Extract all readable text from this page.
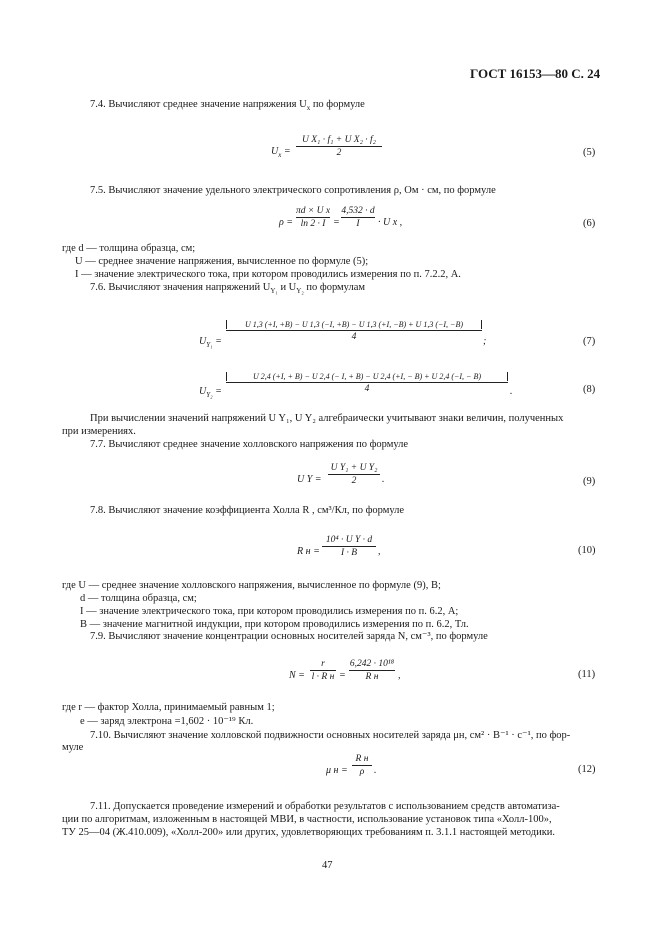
ГОСТ 16153—80 С. 24
7.4. Вычисляют среднее значение напряжения $U_x$ по формуле
$U_x$ =
U X₁ · f₁ + U X₂ · f₂
2	(5)
7.5. Вычисляют значение удельного электрического сопротивления ρ, Ом · см, по формуле
ρ =
πd × U x
ln 2 · I =
4,532 · d
I	· U x ,	(6)
где d — толщина образца, см;
U — среднее значение напряжения, вычисленное по формуле (5);
I — значение электрического тока, при котором проводились измерения по п. 7.2.2, А.
7.6. Вычисляют значения напряжений $U_{Y_1}$ и $U_{Y_2}$ по формулам
$U_{Y_1}$ =
U 1,3 (+I, +B) − U 1,3 (−I, +B) − U 1,3 (+I, −B) + U 1,3 (−I, −B)
4	;	(7)
$U_{Y_2}$ =
U 2,4 (+I, + B) − U 2,4 (− I, + B) − U 2,4 (+I, − B) + U 2,4 (−I, − B)
4	.	(8)
При вычислении значений напряжений U Y₁, U Y₂ алгебраически учитывают знаки величин, полученных
при измерениях.
7.7. Вычисляют среднее значение холловского напряжения по формуле
U Y =
U Y₁ + U Y₂
2	.	(9)
7.8. Вычисляют значение коэффициента Холла R , см³/Кл, по формуле
R н =
10⁴ · U Y · d
I · B	,	(10)
где U — среднее значение холловского напряжения, вычисленное по формуле (9), В;
d — толщина образца, см;
I — значение электрического тока, при котором проводились измерения по п. 6.2, А;
B — значение магнитной индукции, при котором проводились измерения по п. 6.2, Тл.
7.9. Вычисляют значение концентрации основных носителей заряда N, см⁻³, по формуле
N =
r
l · R н =
6,242 · 10¹⁸
R н	,	(11)
где r — фактор Холла, принимаемый равным 1;
e — заряд электрона =1,602 · 10⁻¹⁹ Кл.
7.10. Вычисляют значение холловской подвижности основных носителей заряда μн, см² · В⁻¹ · с⁻¹, по фор-
муле
μ н =
R н
ρ .	(12)
7.11. Допускается проведение измерений и обработки результатов с использованием средств автоматиза-
ции по алгоритмам, изложенным в настоящей МВИ, в частности, использование установок типа «Холл-100»,
ТУ 25—04 (Ж.410.009), «Холл-200» или других, удовлетворяющих требованиям п. 3.1.1 настоящей методики.
47
